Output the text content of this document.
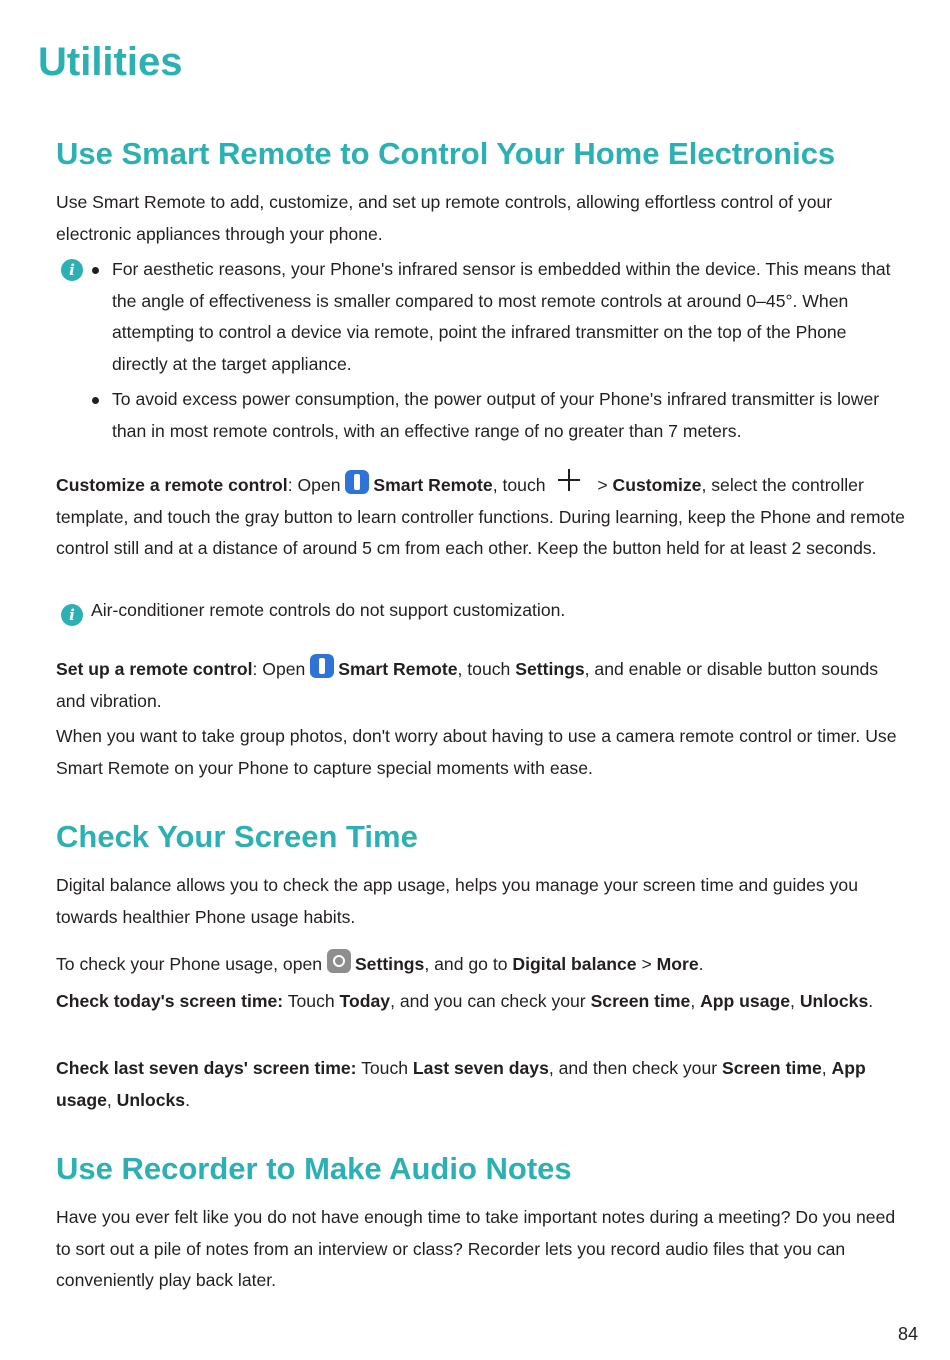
Utilities
Use Smart Remote to Control Your Home Electronics

Use Smart Remote to add, customize, and set up remote controls, allowing effortless control of your electronic appliances through your phone.

i	For aesthetic reasons, your Phone's infrared sensor is embedded within the device. This means that the angle of effectiveness is smaller compared to most remote controls at around 0–45°. When attempting to control a device via remote, point the infrared transmitter on the top of the Phone directly at the target appliance.
To avoid excess power consumption, the power output of your Phone's infrared transmitter is lower than in most remote controls, with an effective range of no greater than 7 meters.

Customize a remote control: Open Smart Remote, touch  > Customize, select the controller template, and touch the gray button to learn controller functions. During learning, keep the Phone and remote control still and at a distance of around 5 cm from each other. Keep the button held for at least 2 seconds.

i Air-conditioner remote controls do not support customization.

Set up a remote control: Open Smart Remote, touch Settings, and enable or disable button sounds and vibration.

When you want to take group photos, don't worry about having to use a camera remote control or timer. Use Smart Remote on your Phone to capture special moments with ease.

Check Your Screen Time

Digital balance allows you to check the app usage, helps you manage your screen time and guides you towards healthier Phone usage habits.

To check your Phone usage, open Settings, and go to Digital balance > More.

Check today's screen time: Touch Today, and you can check your Screen time, App usage, Unlocks.

Check last seven days' screen time: Touch Last seven days, and then check your Screen time, App usage, Unlocks.

Use Recorder to Make Audio Notes

Have you ever felt like you do not have enough time to take important notes during a meeting? Do you need to sort out a pile of notes from an interview or class? Recorder lets you record audio files that you can conveniently play back later.

84
